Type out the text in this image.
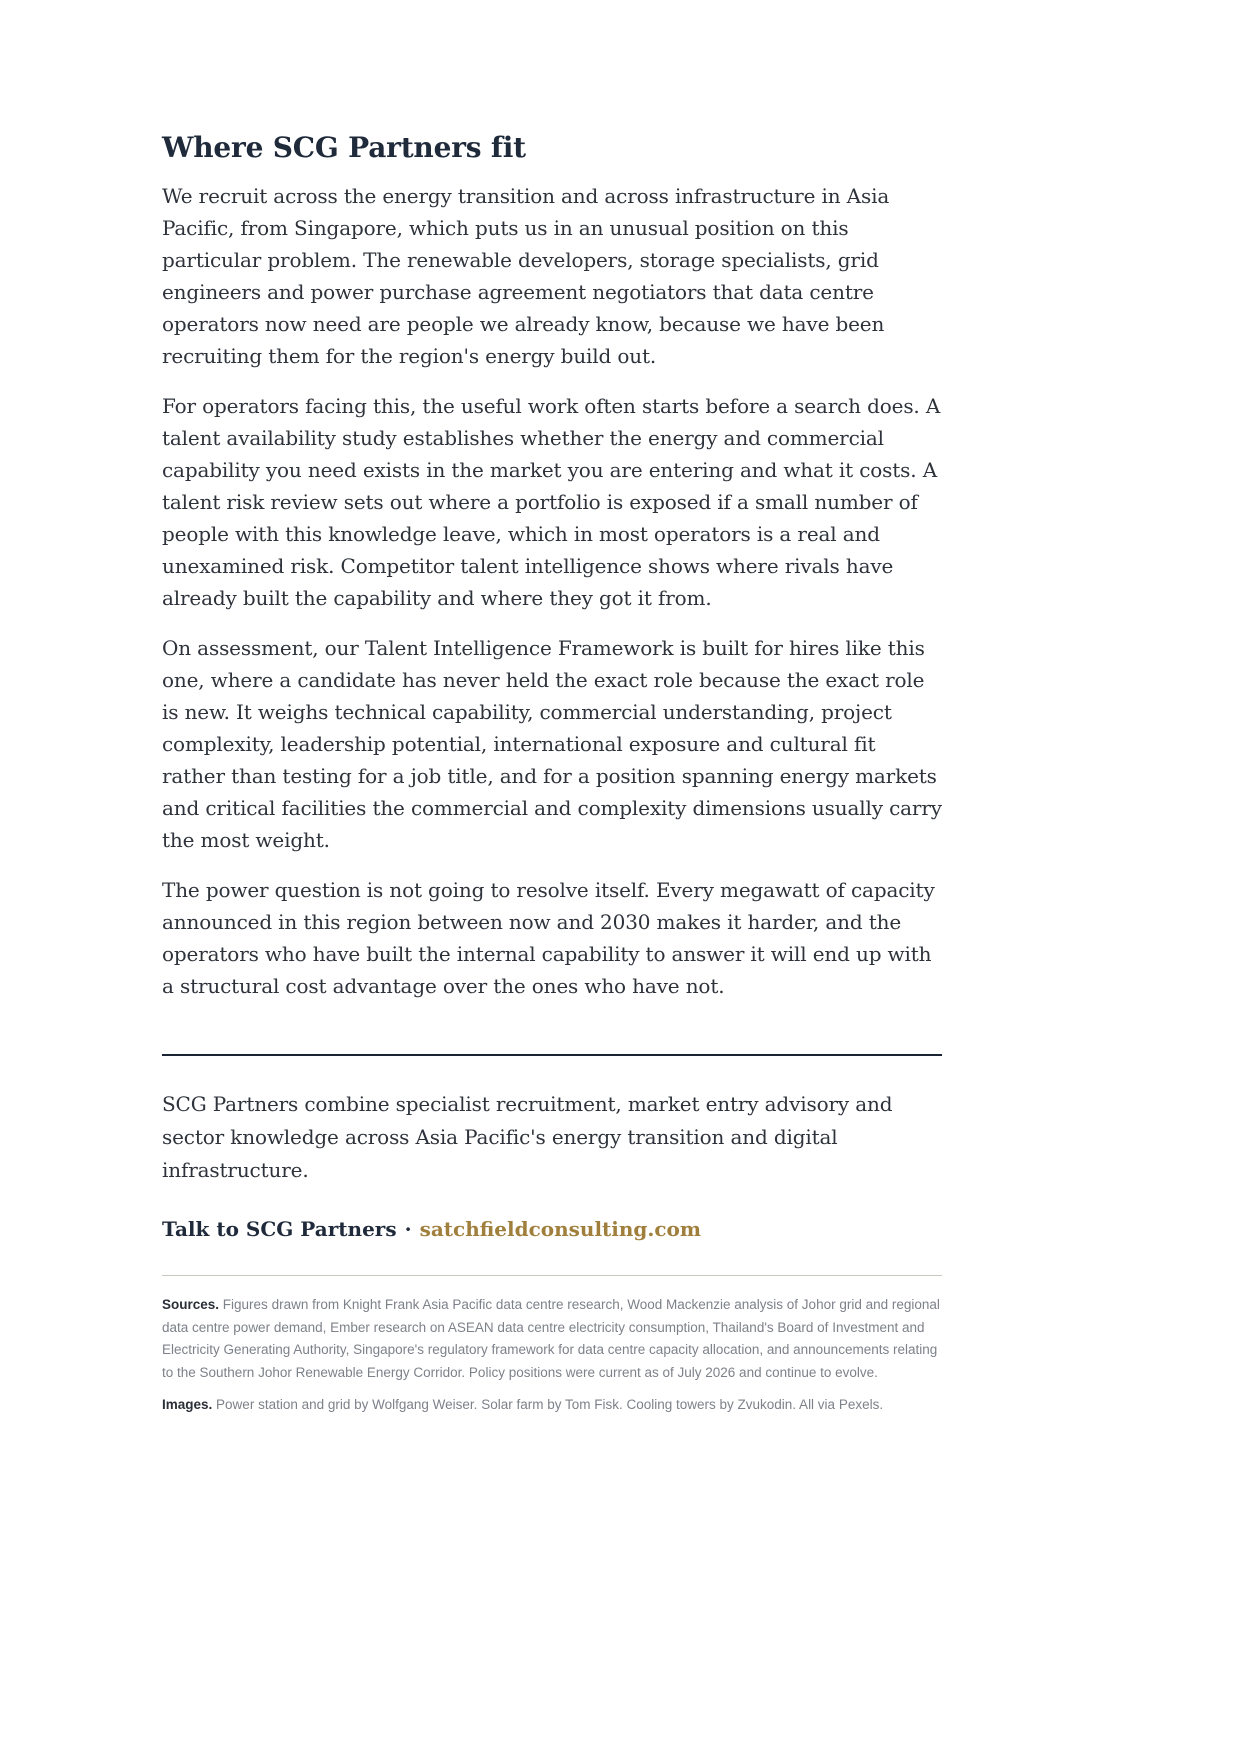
Where SCG Partners fit

We recruit across the energy transition and across infrastructure in Asia Pacific, from Singapore, which puts us in an unusual position on this particular problem. The renewable developers, storage specialists, grid engineers and power purchase agreement negotiators that data centre operators now need are people we already know, because we have been recruiting them for the region's energy build out.

For operators facing this, the useful work often starts before a search does. A talent availability study establishes whether the energy and commercial capability you need exists in the market you are entering and what it costs. A talent risk review sets out where a portfolio is exposed if a small number of people with this knowledge leave, which in most operators is a real and unexamined risk. Competitor talent intelligence shows where rivals have already built the capability and where they got it from.

On assessment, our Talent Intelligence Framework is built for hires like this one, where a candidate has never held the exact role because the exact role is new. It weighs technical capability, commercial understanding, project complexity, leadership potential, international exposure and cultural fit rather than testing for a job title, and for a position spanning energy markets and critical facilities the commercial and complexity dimensions usually carry the most weight.

The power question is not going to resolve itself. Every megawatt of capacity announced in this region between now and 2030 makes it harder, and the operators who have built the internal capability to answer it will end up with a structural cost advantage over the ones who have not.

SCG Partners combine specialist recruitment, market entry advisory and sector knowledge across Asia Pacific's energy transition and digital infrastructure.

Talk to SCG Partners · satchfieldconsulting.com

Sources. Figures drawn from Knight Frank Asia Pacific data centre research, Wood Mackenzie analysis of Johor grid and regional data centre power demand, Ember research on ASEAN data centre electricity consumption, Thailand's Board of Investment and Electricity Generating Authority, Singapore's regulatory framework for data centre capacity allocation, and announcements relating to the Southern Johor Renewable Energy Corridor. Policy positions were current as of July 2026 and continue to evolve.

Images. Power station and grid by Wolfgang Weiser. Solar farm by Tom Fisk. Cooling towers by Zvukodin. All via Pexels.
